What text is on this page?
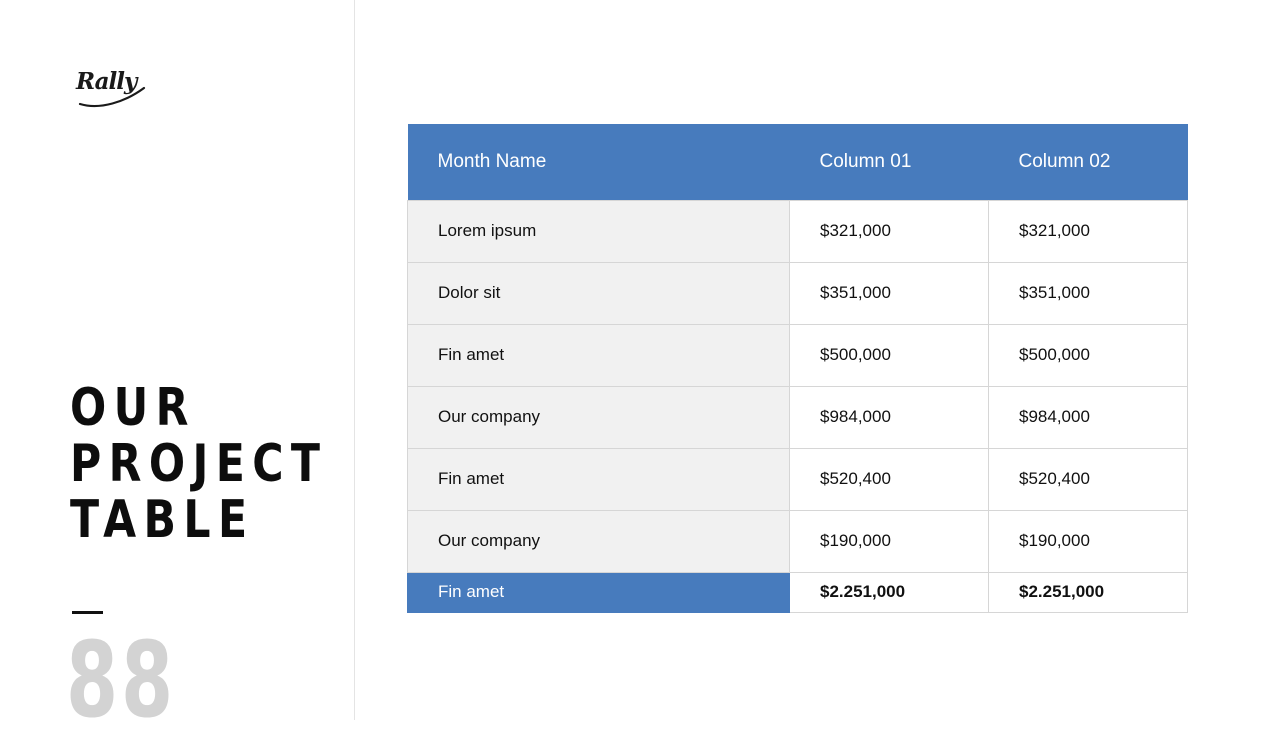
Rally
OUR
PROJECT
TABLE
88
Month Name	Column 01	Column 02
Lorem ipsum	$321,000	$321,000
Dolor sit	$351,000	$351,000
Fin amet	$500,000	$500,000
Our company	$984,000	$984,000
Fin amet	$520,400	$520,400
Our company	$190,000	$190,000
Fin amet	$2.251,000	$2.251,000
